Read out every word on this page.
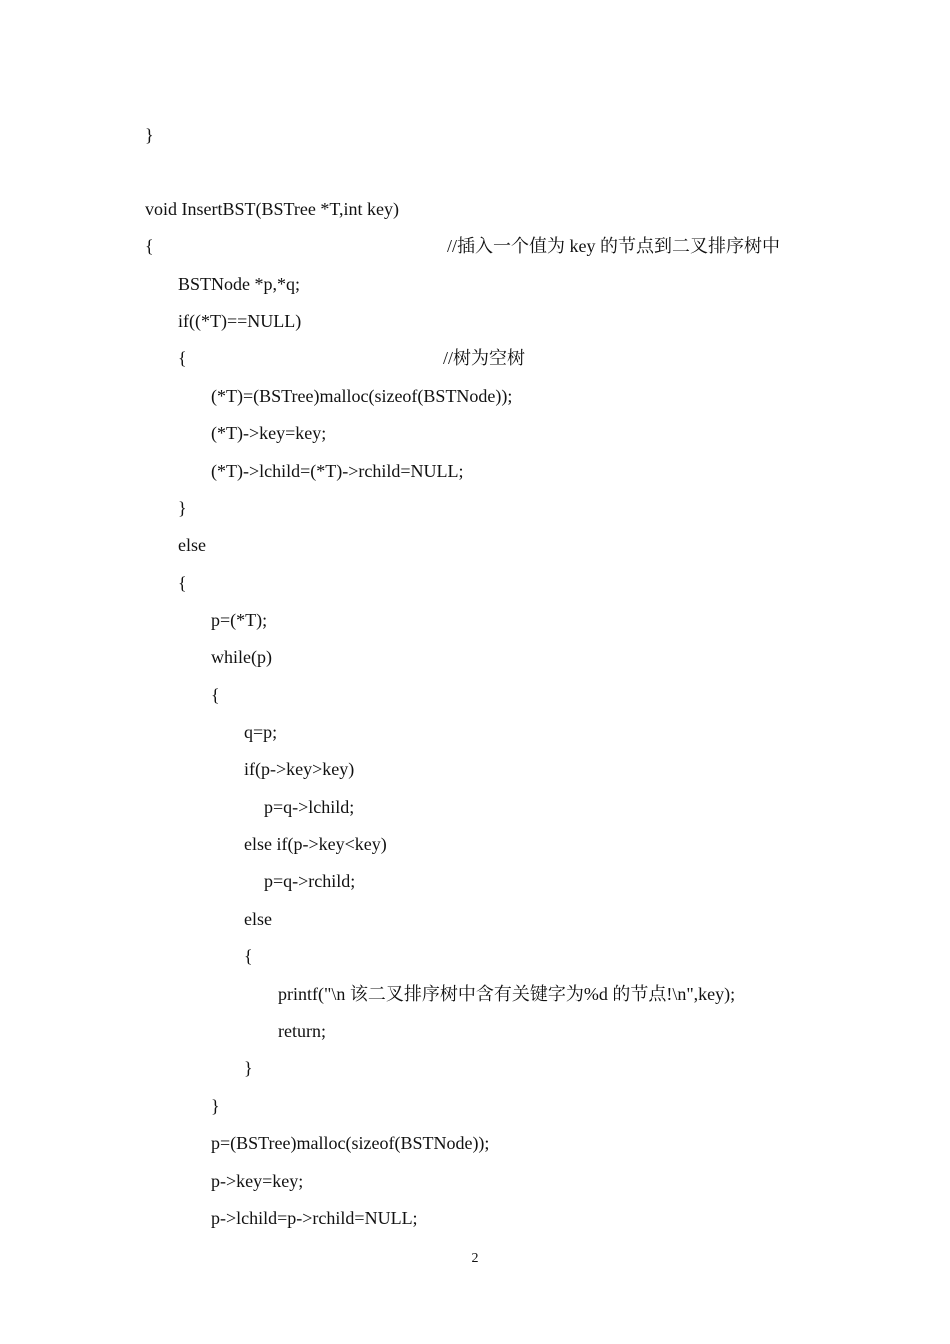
}
void InsertBST(BSTree *T,int key)
{	//插入一个值为 key 的节点到二叉排序树中
BSTNode *p,*q;
if((*T)==NULL)
{	//树为空树
(*T)=(BSTree)malloc(sizeof(BSTNode));
(*T)->key=key;
(*T)->lchild=(*T)->rchild=NULL;
}
else
{
p=(*T);
while(p)
{
q=p;
if(p->key>key)
p=q->lchild;
else if(p->key<key)
p=q->rchild;
else
{
printf("\n 该二叉排序树中含有关键字为%d 的节点!\n",key);
return;
}
}
p=(BSTree)malloc(sizeof(BSTNode));
p->key=key;
p->lchild=p->rchild=NULL;
2
